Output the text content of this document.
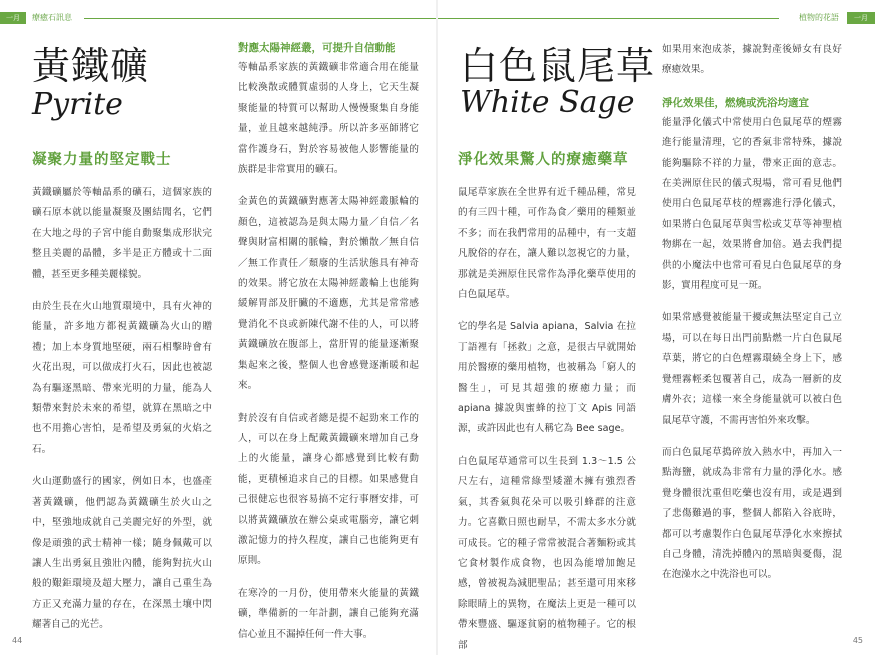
一月	療癒石訊息
黃鐵礦
Pyrite
凝聚力量的堅定戰士

黃鐵礦屬於等軸晶系的礦石，這個家族的礦石原本就以能量凝聚及團結聞名，它們在大地之母的子宮中能自動聚集成形狀完整且美麗的晶體，多半是正方體或十二面體，甚至更多種美麗樣貌。

由於生長在火山地質環境中，具有火神的能量，許多地方都視黃鐵礦為火山的贈禮；加上本身質地堅硬，兩石相擊時會有火花出現，可以做成打火石，因此也被認為有驅逐黑暗、帶來光明的力量，能為人類帶來對於未來的希望，就算在黑暗之中也不用擔心害怕，是希望及勇氣的火焰之石。

火山運動盛行的國家，例如日本，也盛產著黃鐵礦，他們認為黃鐵礦生於火山之中，堅強地成就自己美麗完好的外型，就像是頑強的武士精神一樣；隨身佩戴可以讓人生出勇氣且強壯內體，能夠對抗火山般的艱鉅環境及超大壓力，讓自己重生為方正又充滿力量的存在，在深黑土壤中閃耀著自己的光芒。

對應太陽神經叢，可提升自信動能

等軸晶系家族的黃鐵礦非常適合用在能量比較渙散或體質虛弱的人身上，它天生凝聚能量的特質可以幫助人慢慢聚集自身能量，並且越來越純淨。所以許多巫師將它當作護身石，對於容易被他人影響能量的族群是非常實用的礦石。

金黃色的黃鐵礦對應著太陽神經叢脈輪的顏色，這被認為是與太陽力量／自信／名聲與財富相關的脈輪，對於懶散／無自信／無工作責任／頹廢的生活狀態具有神奇的效果。將它放在太陽神經叢輪上也能夠緩解胃部及肝臟的不適應，尤其是常常感覺消化不良或新陳代謝不佳的人，可以將黃鐵礦放在腹部上，當肝胃的能量逐漸聚集起來之後，整個人也會感覺逐漸暖和起來。

對於沒有自信或者總是提不起勁來工作的人，可以在身上配戴黃鐵礦來增加自己身上的火能量，讓身心都感覺到比較有動能，更積極追求自己的目標。如果感覺自己很健忘也很容易搞不定行事曆安排，可以將黃鐵礦放在辦公桌或電腦旁，讓它刺激記憶力的持久程度，讓自己也能夠更有原則。

在寒冷的一月份，使用帶來火能量的黃鐵礦，準備新的一年計劃，讓自己能夠充滿信心並且不漏掉任何一件大事。

44
植物的花語	一月
白色鼠尾草
White Sage
淨化效果驚人的療癒藥草

鼠尾草家族在全世界有近千種品種，常見的有三四十種，可作為食／藥用的種類並不多；而在我們常用的品種中，有一支超凡脫俗的存在，讓人難以忽視它的力量，那就是美洲原住民常作為淨化藥草使用的白色鼠尾草。

它的學名是 Salvia apiana，Salvia 在拉丁語裡有「拯救」之意，是很古早就開始用於醫療的藥用植物，也被稱為「窮人的醫生」，可見其超強的療癒力量；而 apiana 據說與蜜蜂的拉丁文 Apis 同語源，或許因此也有人稱它為 Bee sage。

白色鼠尾草通常可以生長到 1.3～1.5 公尺左右，這種常綠型矮灌木擁有強烈香氣，其香氣與花朵可以吸引蜂群的注意力。它喜歡日照也耐旱，不需太多水分就可成長。它的種子常常被混合著麵粉或其它食材製作成食物，也因為能增加飽足感，曾被視為減肥聖品；甚至還可用來移除眼睛上的異物，在魔法上更是一種可以帶來豐盛、驅逐貧窮的植物種子。它的根部

如果用來泡成茶，據說對產後婦女有良好療癒效果。

淨化效果佳，燃燒或洗浴均適宜

能量淨化儀式中常使用白色鼠尾草的煙霧進行能量清理，它的香氣非常特殊，據說能夠驅除不祥的力量，帶來正面的意志。在美洲原住民的儀式現場，常可看見他們使用白色鼠尾草枝的煙霧進行淨化儀式，如果將白色鼠尾草與雪松或艾草等神聖植物綁在一起，效果將會加倍。過去我們提供的小魔法中也常可看見白色鼠尾草的身影，實用程度可見一斑。

如果常感覺被能量干擾或無法堅定自己立場，可以在每日出門前點燃一片白色鼠尾草葉，將它的白色煙霧環繞全身上下，感覺煙霧輕柔包覆著自己，成為一層新的皮膚外衣；這樣一來全身能量就可以被白色鼠尾草守護，不需再害怕外來攻擊。

而白色鼠尾草搗碎放入熱水中，再加入一點海鹽，就成為非常有力量的淨化水。感覺身體很沈重但吃藥也沒有用，或是遇到了悲傷難過的事，整個人都陷入谷底時，都可以考慮製作白色鼠尾草淨化水來擦拭自己身體，清洗掉體內的黑暗與憂傷，混在泡澡水之中洗浴也可以。

45
